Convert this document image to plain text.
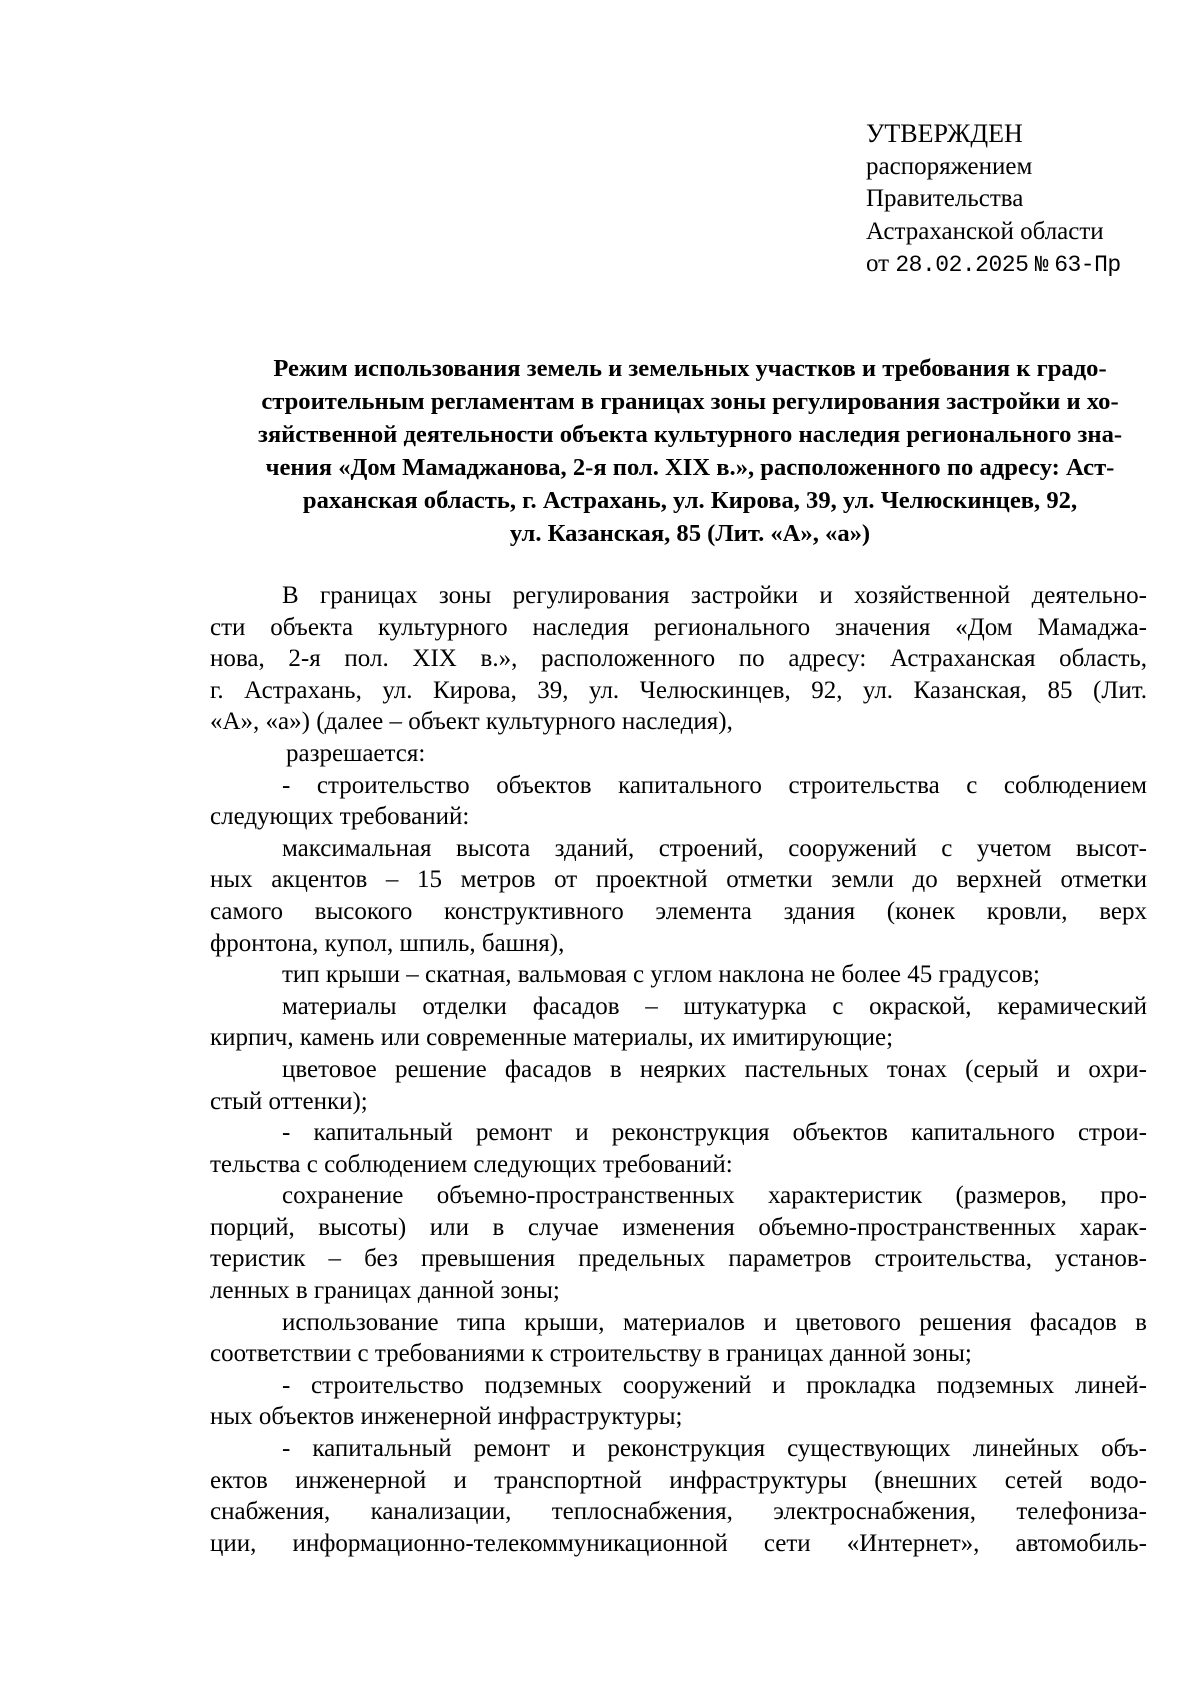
УТВЕРЖДЕН
распоряжением
Правительства
Астраханской области
от 28.02.2025 № 63-Пр
Режим использования земель и земельных участков и требования к градо-
строительным регламентам в границах зоны регулирования застройки и хо-
зяйственной деятельности объекта культурного наследия регионального зна-
чения «Дом Мамаджанова, 2-я пол. XIX в.», расположенного по адресу: Аст-
раханская область, г. Астрахань, ул. Кирова, 39, ул. Челюскинцев, 92,
ул. Казанская, 85 (Лит. «А», «а»)
В границах зоны регулирования застройки и хозяйственной деятельно-
сти объекта культурного наследия регионального значения «Дом Мамаджа-
нова, 2-я пол. XIX в.», расположенного по адресу: Астраханская область,
г. Астрахань, ул. Кирова, 39, ул. Челюскинцев, 92, ул. Казанская, 85 (Лит.
«А», «а») (далее – объект культурного наследия),
разрешается:
- строительство объектов капитального строительства с соблюдением
следующих требований:
максимальная высота зданий, строений, сооружений с учетом высот-
ных акцентов – 15 метров от проектной отметки земли до верхней отметки
самого высокого конструктивного элемента здания (конек кровли, верх
фронтона, купол, шпиль, башня),
тип крыши – скатная, вальмовая с углом наклона не более 45 градусов;
материалы отделки фасадов – штукатурка с окраской, керамический
кирпич, камень или современные материалы, их имитирующие;
цветовое решение фасадов в неярких пастельных тонах (серый и охри-
стый оттенки);
- капитальный ремонт и реконструкция объектов капитального строи-
тельства с соблюдением следующих требований:
сохранение объемно-пространственных характеристик (размеров, про-
порций, высоты) или в случае изменения объемно-пространственных харак-
теристик – без превышения предельных параметров строительства, установ-
ленных в границах данной зоны;
использование типа крыши, материалов и цветового решения фасадов в
соответствии с требованиями к строительству в границах данной зоны;
- строительство подземных сооружений и прокладка подземных линей-
ных объектов инженерной инфраструктуры;
- капитальный ремонт и реконструкция существующих линейных объ-
ектов инженерной и транспортной инфраструктуры (внешних сетей водо-
снабжения, канализации, теплоснабжения, электроснабжения, телефониза-
ции, информационно-телекоммуникационной сети «Интернет», автомобиль-
